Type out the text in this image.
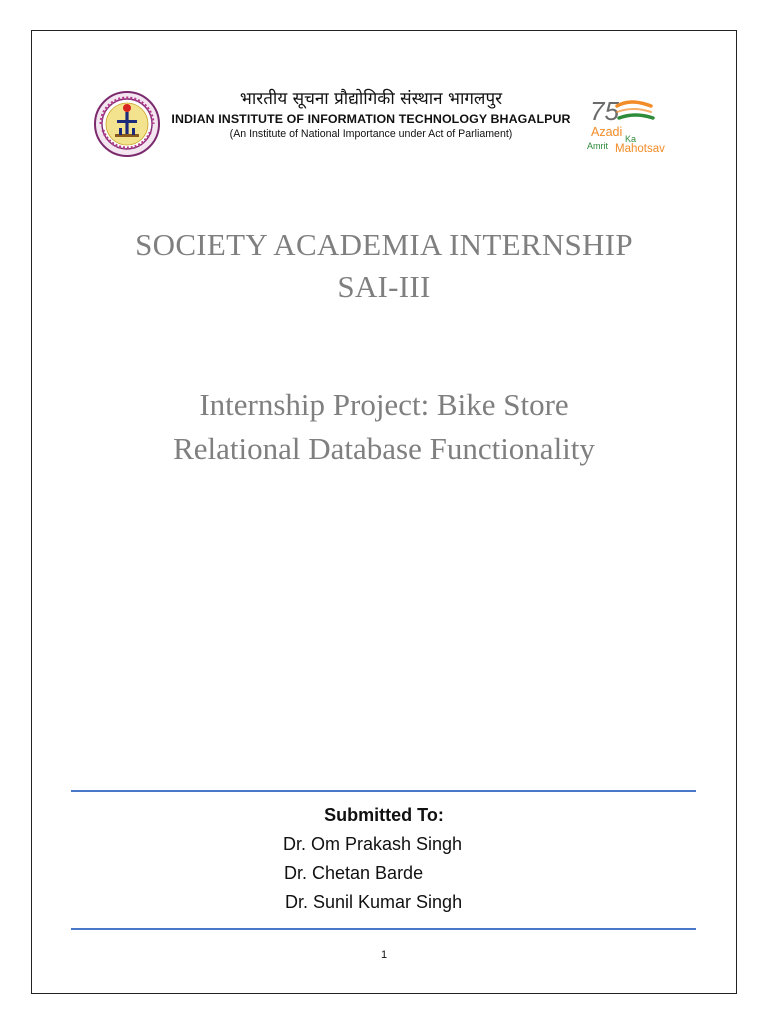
भारतीय सूचना प्रौद्योगिकी संस्थान भागलपुर
INDIAN INSTITUTE OF INFORMATION TECHNOLOGY BHAGALPUR
(An Institute of National Importance under Act of Parliament)
75
Azadi Ka
Amrit Mahotsav
SOCIETY ACADEMIA INTERNSHIP
SAI-III
Internship Project: Bike Store
Relational Database Functionality
Submitted To:
Dr. Om Prakash Singh
Dr. Chetan Barde
Dr. Sunil Kumar Singh
1
